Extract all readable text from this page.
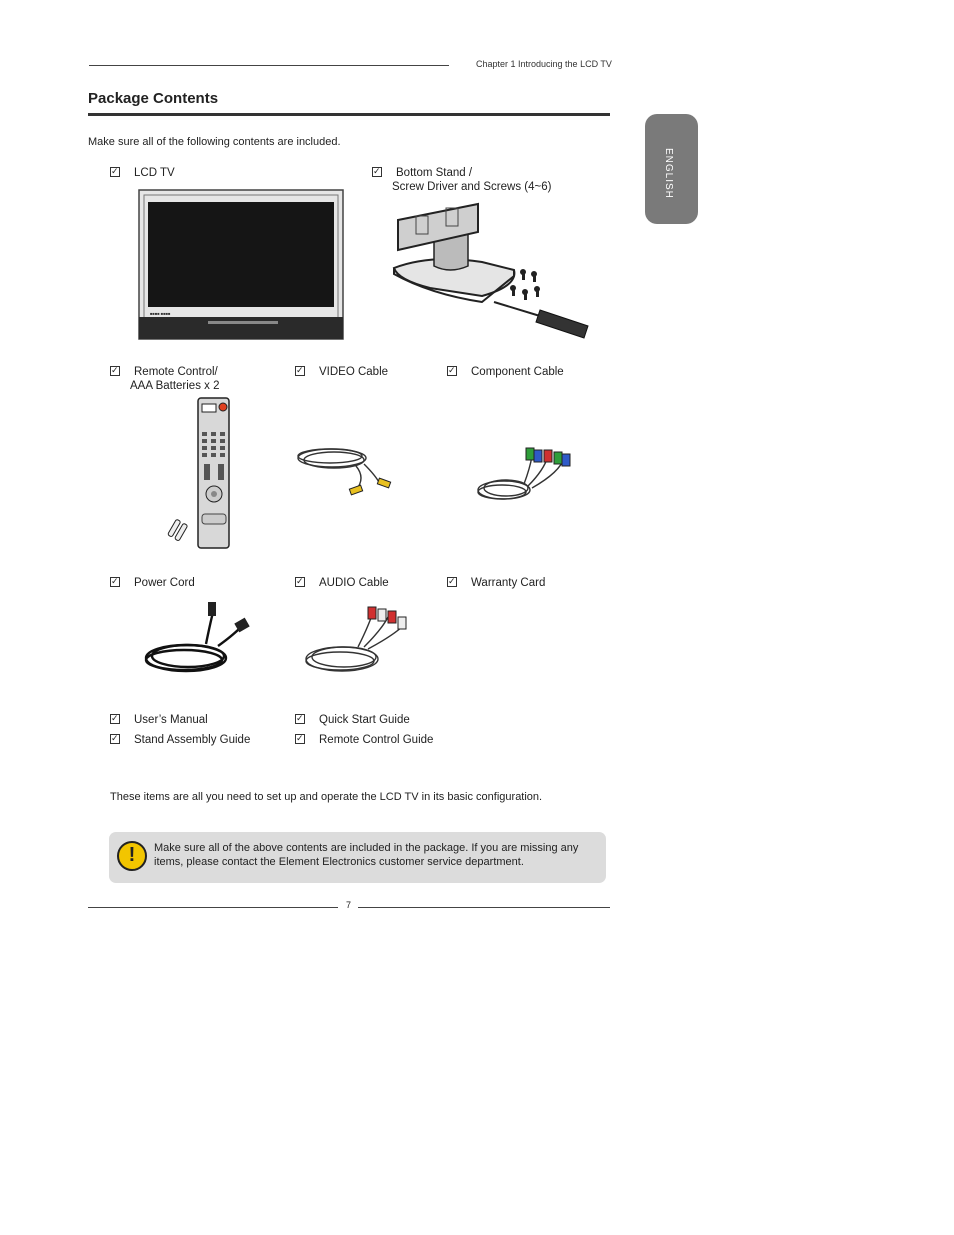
Chapter 1 Introducing the LCD TV
ENGLISH
Package Contents
Make sure all of the following contents are included.
✓LCD TV ✓	Bottom Stand /
Screw Driver and Screws (4~6)
■■■■ ■■■■
✓Remote Control/
AAA Batteries x 2
✓VIDEO Cable ✓	Component Cable
✓Power Cord ✓	AUDIO Cable ✓	Warranty Card
✓User’s Manual ✓	Quick Start Guide
✓Stand Assembly Guide ✓	Remote Control Guide
These items are all you need to set up and operate the LCD TV in its basic configuration.
!	Make sure all of the above contents are included in the package. If you are missing any items, please contact the Element Electronics customer service department.
7
